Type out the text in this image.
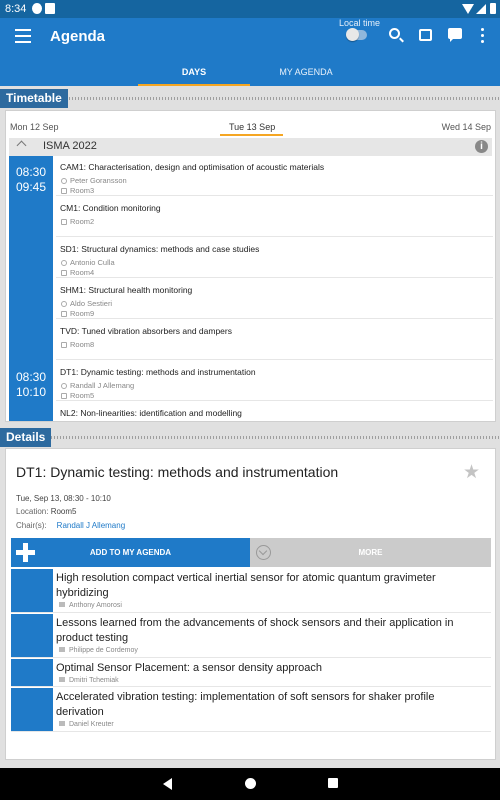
8:34
Agenda
Local time
DAYS	MY AGENDA
Timetable
Mon 12 Sep	Tue 13 Sep	Wed 14 Sep
ISMA 2022	i
08:30
09:45
08:30
10:10
CAM1: Characterisation, design and optimisation of acoustic materials
Peter Goransson
Room3
CM1: Condition monitoring
Room2
SD1: Structural dynamics: methods and case studies
Antonio Culla
Room4
SHM1: Structural health monitoring
Aldo Sestieri
Room9
TVD: Tuned vibration absorbers and dampers
Room8
DT1: Dynamic testing: methods and instrumentation
Randall J Allemang
Room5
NL2: Non-linearities: identification and modelling
Details
DT1: Dynamic testing: methods and instrumentation	★
Tue, Sep 13, 08:30 - 10:10
Location: Room5
Chair(s): Randall J Allemang
ADD TO MY AGENDA	MORE
High resolution compact vertical inertial sensor for atomic quantum gravimeter hybridizing
Anthony Amorosi
Lessons learned from the advancements of shock sensors and their application in product testing
Philippe de Cordemoy
Optimal Sensor Placement: a sensor density approach
Dmitri Tchemiak
Accelerated vibration testing: implementation of soft sensors for shaker profile derivation
Daniel Kreuter
